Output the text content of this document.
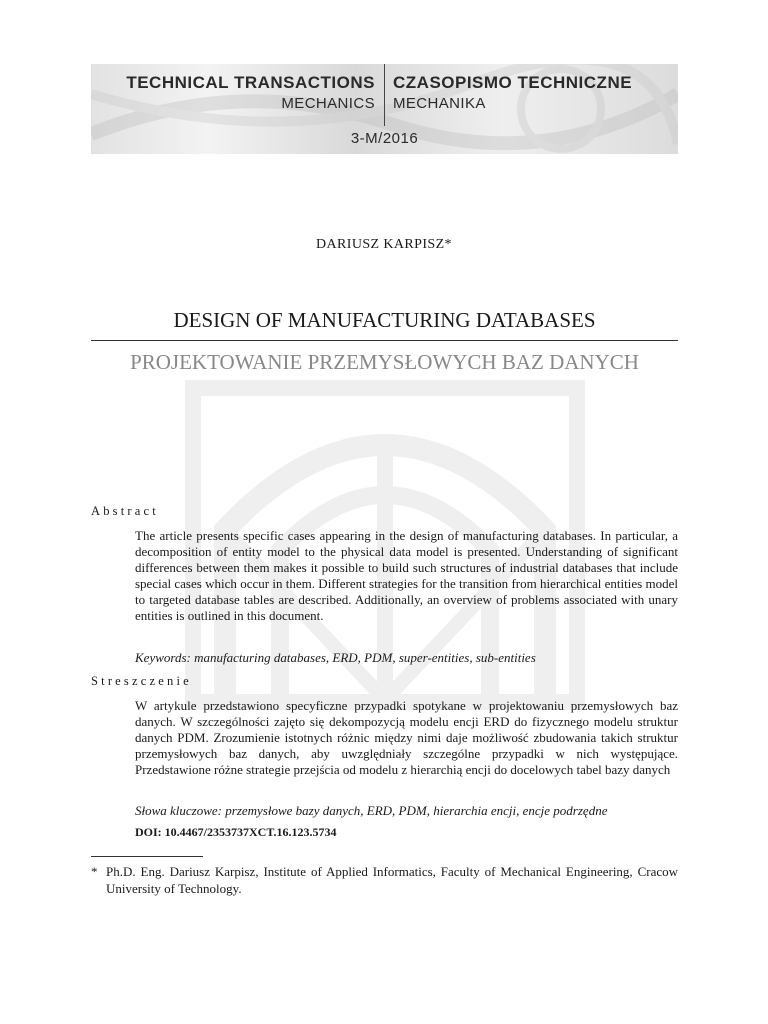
TECHNICAL TRANSACTIONS
MECHANICS
CZASOPISMO TECHNICZNE
MECHANIKA
3-M/2016
DARIUSZ KARPISZ*
DESIGN OF MANUFACTURING DATABASES
PROJEKTOWANIE PRZEMYSŁOWYCH BAZ DANYCH
Abstract
The article presents specific cases appearing in the design of manufacturing databases. In particular, a decomposition of entity model to the physical data model is presented. Understanding of significant differences between them makes it possible to build such structures of industrial databases that include special cases which occur in them. Different strategies for the transition from hierarchical entities model to targeted database tables are described. Additionally, an overview of problems associated with unary entities is outlined in this document.
Keywords: manufacturing databases, ERD, PDM, super-entities, sub-entities
Streszczenie
W artykule przedstawiono specyficzne przypadki spotykane w projektowaniu przemysłowych baz danych. W szczególności zajęto się dekompozycją modelu encji ERD do fizycznego modelu struktur danych PDM. Zrozumienie istotnych różnic między nimi daje możliwość zbudowania takich struktur przemysłowych baz danych, aby uwzględniały szczególne przypadki w nich występujące. Przedstawione różne strategie przejścia od modelu z hierarchią encji do docelowych tabel bazy danych
Słowa kluczowe: przemysłowe bazy danych, ERD, PDM, hierarchia encji, encje podrzędne
DOI: 10.4467/2353737XCT.16.123.5734
* Ph.D. Eng. Dariusz Karpisz, Institute of Applied Informatics, Faculty of Mechanical Engineering, Cracow University of Technology.
